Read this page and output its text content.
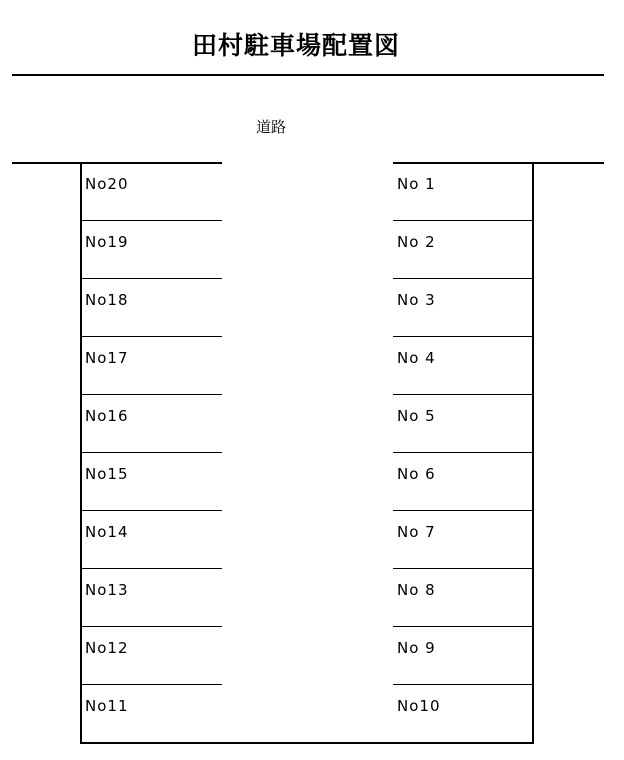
田村駐車場配置図
道路
No20
No19
No18
No17
No16
No15
No14
No13
No12
No11
No 1
No 2
No 3
No 4
No 5
No 6
No 7
No 8
No 9
No10
